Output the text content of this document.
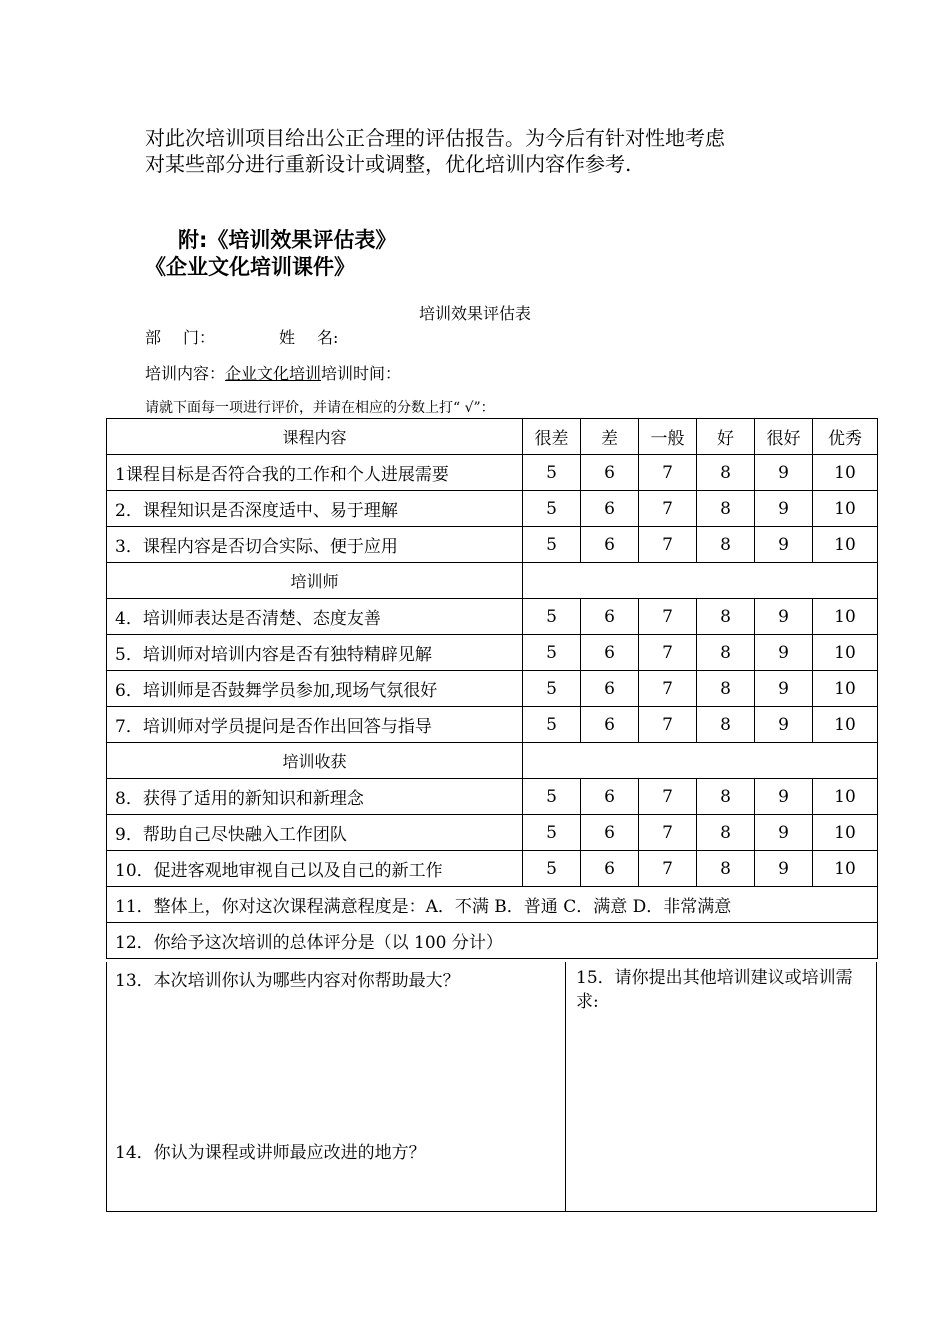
对此次培训项目给出公正合理的评估报告。为今后有针对性地考虑
对某些部分进行重新设计或调整，优化培训内容作参考.
附:《培训效果评估表》
《企业文化培训课件》
培训效果评估表
部 门：	姓 名:
培训内容：企业文化培训培训时间：
请就下面每一项进行评价，并请在相应的分数上打“ √”：
课程内容	很差	差	一般	好	很好	优秀
1课程目标是否符合我的工作和个人进展需要	5	6	7	8	9	10
2．课程知识是否深度适中、易于理解	5	6	7	8	9	10
3．课程内容是否切合实际、便于应用	5	6	7	8	9	10
培训师						
4．培训师表达是否清楚、态度友善	5	6	7	8	9	10
5．培训师对培训内容是否有独特精辟见解	5	6	7	8	9	10
6．培训师是否鼓舞学员参加,现场气氛很好	5	6	7	8	9	10
7．培训师对学员提问是否作出回答与指导	5	6	7	8	9	10
培训收获						
8．获得了适用的新知识和新理念	5	6	7	8	9	10
9．帮助自己尽快融入工作团队	5	6	7	8	9	10
10．促进客观地审视自己以及自己的新工作	5	6	7	8	9	10
11．整体上，你对这次课程满意程度是：A．不满 B．普通 C．满意 D．非常满意						
12．你给予这次培训的总体评分是（以 100 分计）						
13．本次培训你认为哪些内容对你帮助最大？
14．你认为课程或讲师最应改进的地方？
15．请你提出其他培训建议或培训需求:
